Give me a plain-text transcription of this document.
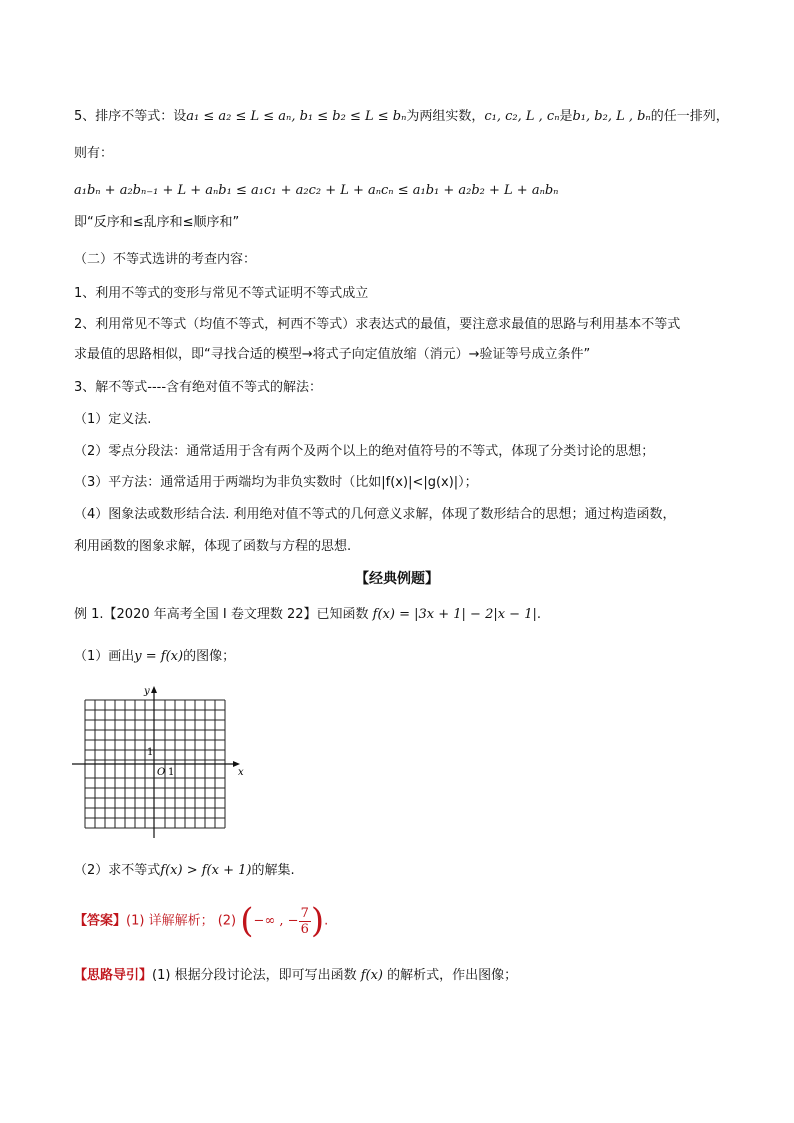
5、排序不等式：设a₁ ≤ a₂ ≤ L ≤ aₙ, b₁ ≤ b₂ ≤ L ≤ bₙ为两组实数，c₁, c₂, L , cₙ是b₁, b₂, L , bₙ的任一排列，
则有：
a₁bₙ + a₂bₙ₋₁ + L + aₙb₁ ≤ a₁c₁ + a₂c₂ + L + aₙcₙ ≤ a₁b₁ + a₂b₂ + L + aₙbₙ
即“反序和≤乱序和≤顺序和”
（二）不等式选讲的考查内容：
1、利用不等式的变形与常见不等式证明不等式成立
2、利用常见不等式（均值不等式，柯西不等式）求表达式的最值，要注意求最值的思路与利用基本不等式
求最值的思路相似，即“寻找合适的模型→将式子向定值放缩（消元）→验证等号成立条件”
3、解不等式----含有绝对值不等式的解法：
（1）定义法.
（2）零点分段法：通常适用于含有两个及两个以上的绝对值符号的不等式，体现了分类讨论的思想；
（3）平方法：通常适用于两端均为非负实数时（比如|f(x)|<|g(x)|）；
（4）图象法或数形结合法. 利用绝对值不等式的几何意义求解，体现了数形结合的思想；通过构造函数，
利用函数的图象求解，体现了函数与方程的思想.
【经典例题】
例 1.【2020 年高考全国 I 卷文理数 22】已知函数 f(x) = |3x + 1| − 2|x − 1|.
（1）画出y = f(x)的图像；
y
x
1
O 1
（2）求不等式f(x) > f(x + 1)的解集.
【答案】(1) 详解解析； (2) (−∞ , − $\frac{7}{6}$ ).
【思路导引】(1) 根据分段讨论法，即可写出函数 f(x) 的解析式，作出图像；
